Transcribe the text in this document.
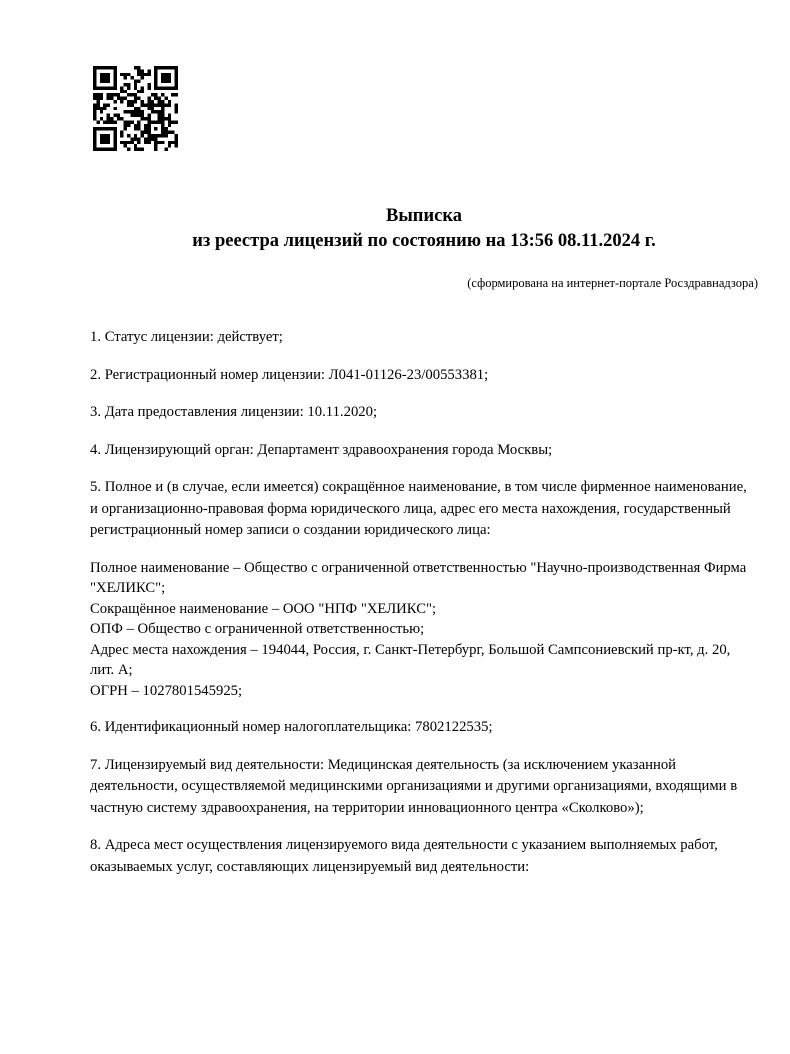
Выписка
из реестра лицензий по состоянию на 13:56 08.11.2024 г.
(сформирована на интернет-портале Росздравнадзора)

1. Статус лицензии: действует;

2. Регистрационный номер лицензии: Л041-01126-23/00553381;

3. Дата предоставления лицензии: 10.11.2020;

4. Лицензирующий орган: Департамент здравоохранения города Москвы;

5. Полное и (в случае, если имеется) сокращённое наименование, в том числе фирменное наименование, и организационно-правовая форма юридического лица, адрес его места нахождения, государственный регистрационный номер записи о создании юридического лица:

Полное наименование – Общество с ограниченной ответственностью "Научно-производственная Фирма "ХЕЛИКС";

Сокращённое наименование – ООО "НПФ "ХЕЛИКС";

ОПФ – Общество с ограниченной ответственностью;

Адрес места нахождения – 194044, Россия, г. Санкт-Петербург, Большой Сампсониевский пр-кт, д. 20, лит. А;

ОГРН – 1027801545925;

6. Идентификационный номер налогоплательщика: 7802122535;

7. Лицензируемый вид деятельности: Медицинская деятельность (за исключением указанной деятельности, осуществляемой медицинскими организациями и другими организациями, входящими в частную систему здравоохранения, на территории инновационного центра «Сколково»);

8. Адреса мест осуществления лицензируемого вида деятельности с указанием выполняемых работ, оказываемых услуг, составляющих лицензируемый вид деятельности:
